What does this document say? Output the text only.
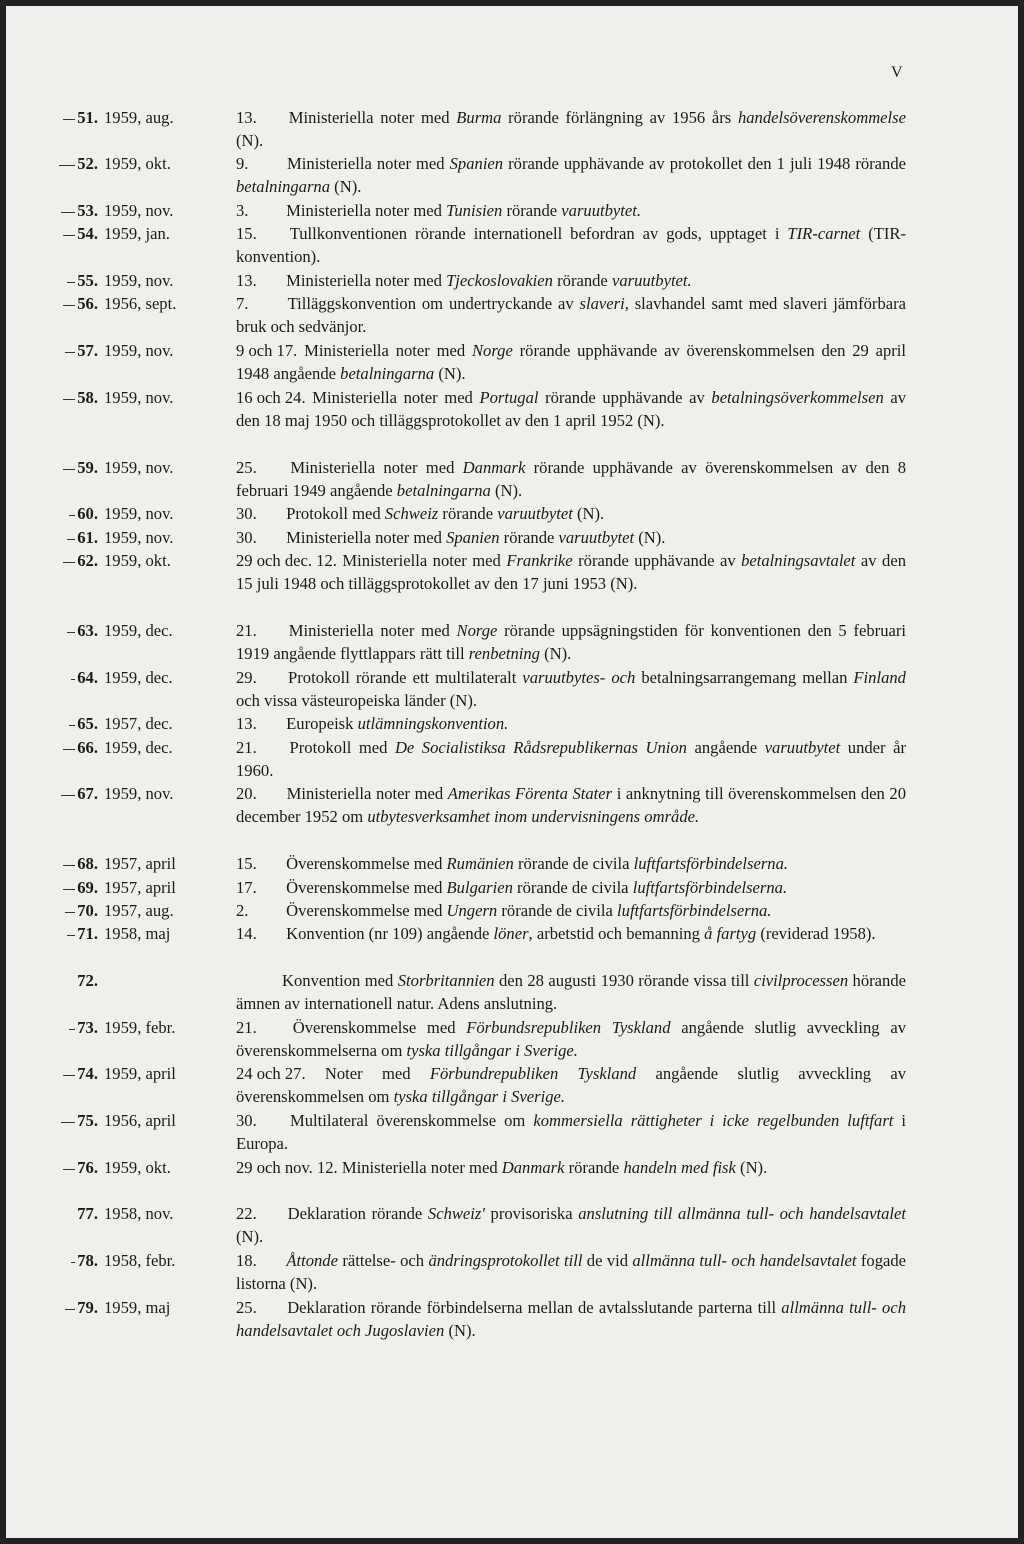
V
51. 1959, aug.	13. Ministeriella noter med Burma rörande förlängning av 1956 års handelsöverenskommelse (N).
52. 1959, okt.	9. Ministeriella noter med Spanien rörande upphävande av protokollet den 1 juli 1948 rörande betalningarna (N).
53. 1959, nov.	3. Ministeriella noter med Tunisien rörande varuutbytet.
54. 1959, jan.	15. Tullkonventionen rörande internationell befordran av gods, upptaget i TIR-carnet (TIR-konvention).
55. 1959, nov.	13. Ministeriella noter med Tjeckoslovakien rörande varuutbytet.
56. 1956, sept.	7. Tilläggskonvention om undertryckande av slaveri, slavhandel samt med slaveri jämförbara bruk och sedvänjor.
57. 1959, nov.	9 och 17. Ministeriella noter med Norge rörande upphävande av överenskommelsen den 29 april 1948 angående betalningarna (N).
58. 1959, nov.	16 och 24. Ministeriella noter med Portugal rörande upphävande av betalningsöverkommelsen av den 18 maj 1950 och tilläggsprotokollet av den 1 april 1952 (N).
59. 1959, nov.	25. Ministeriella noter med Danmark rörande upphävande av överenskommelsen av den 8 februari 1949 angående betalningarna (N).
60. 1959, nov.	30. Protokoll med Schweiz rörande varuutbytet (N).
61. 1959, nov.	30. Ministeriella noter med Spanien rörande varuutbytet (N).
62. 1959, okt.	29 och dec. 12. Ministeriella noter med Frankrike rörande upphävande av betalningsavtalet av den 15 juli 1948 och tilläggsprotokollet av den 17 juni 1953 (N).
63. 1959, dec.	21. Ministeriella noter med Norge rörande uppsägningstiden för konventionen den 5 februari 1919 angående flyttlappars rätt till renbetning (N).
64. 1959, dec.	29. Protokoll rörande ett multilateralt varuutbytes- och betalningsarrangemang mellan Finland och vissa västeuropeiska länder (N).
65. 1957, dec.	13. Europeisk utlämningskonvention.
66. 1959, dec.	21. Protokoll med De Socialistiksa Rådsrepublikernas Union angående varuutbytet under år 1960.
67. 1959, nov.	20. Ministeriella noter med Amerikas Förenta Stater i anknytning till överenskommelsen den 20 december 1952 om utbytesverksamhet inom undervisningens område.
68. 1957, april	15. Överenskommelse med Rumänien rörande de civila luftfartsförbindelserna.
69. 1957, april	17. Överenskommelse med Bulgarien rörande de civila luftfartsförbindelserna.
70. 1957, aug.	2. Överenskommelse med Ungern rörande de civila luftfartsförbindelserna.
71. 1958, maj	14. Konvention (nr 109) angående löner, arbetstid och bemanning å fartyg (reviderad 1958).
72.	Konvention med Storbritannien den 28 augusti 1930 rörande vissa till civilprocessen hörande ämnen av internationell natur. Adens anslutning.
73. 1959, febr.	21. Överenskommelse med Förbundsrepubliken Tyskland angående slutlig avveckling av överenskommelserna om tyska tillgångar i Sverige.
74. 1959, april	24 och 27. Noter med Förbundrepubliken Tyskland angående slutlig avveckling av överenskommelsen om tyska tillgångar i Sverige.
75. 1956, april	30. Multilateral överenskommelse om kommersiella rättigheter i icke regelbunden luftfart i Europa.
76. 1959, okt.	29 och nov. 12. Ministeriella noter med Danmark rörande handeln med fisk (N).
77. 1958, nov.	22. Deklaration rörande Schweiz' provisoriska anslutning till allmänna tull- och handelsavtalet (N).
78. 1958, febr.	18. Åttonde rättelse- och ändringsprotokollet till de vid allmänna tull- och handelsavtalet fogade listorna (N).
79. 1959, maj	25. Deklaration rörande förbindelserna mellan de avtalsslutande parterna till allmänna tull- och handelsavtalet och Jugoslavien (N).
